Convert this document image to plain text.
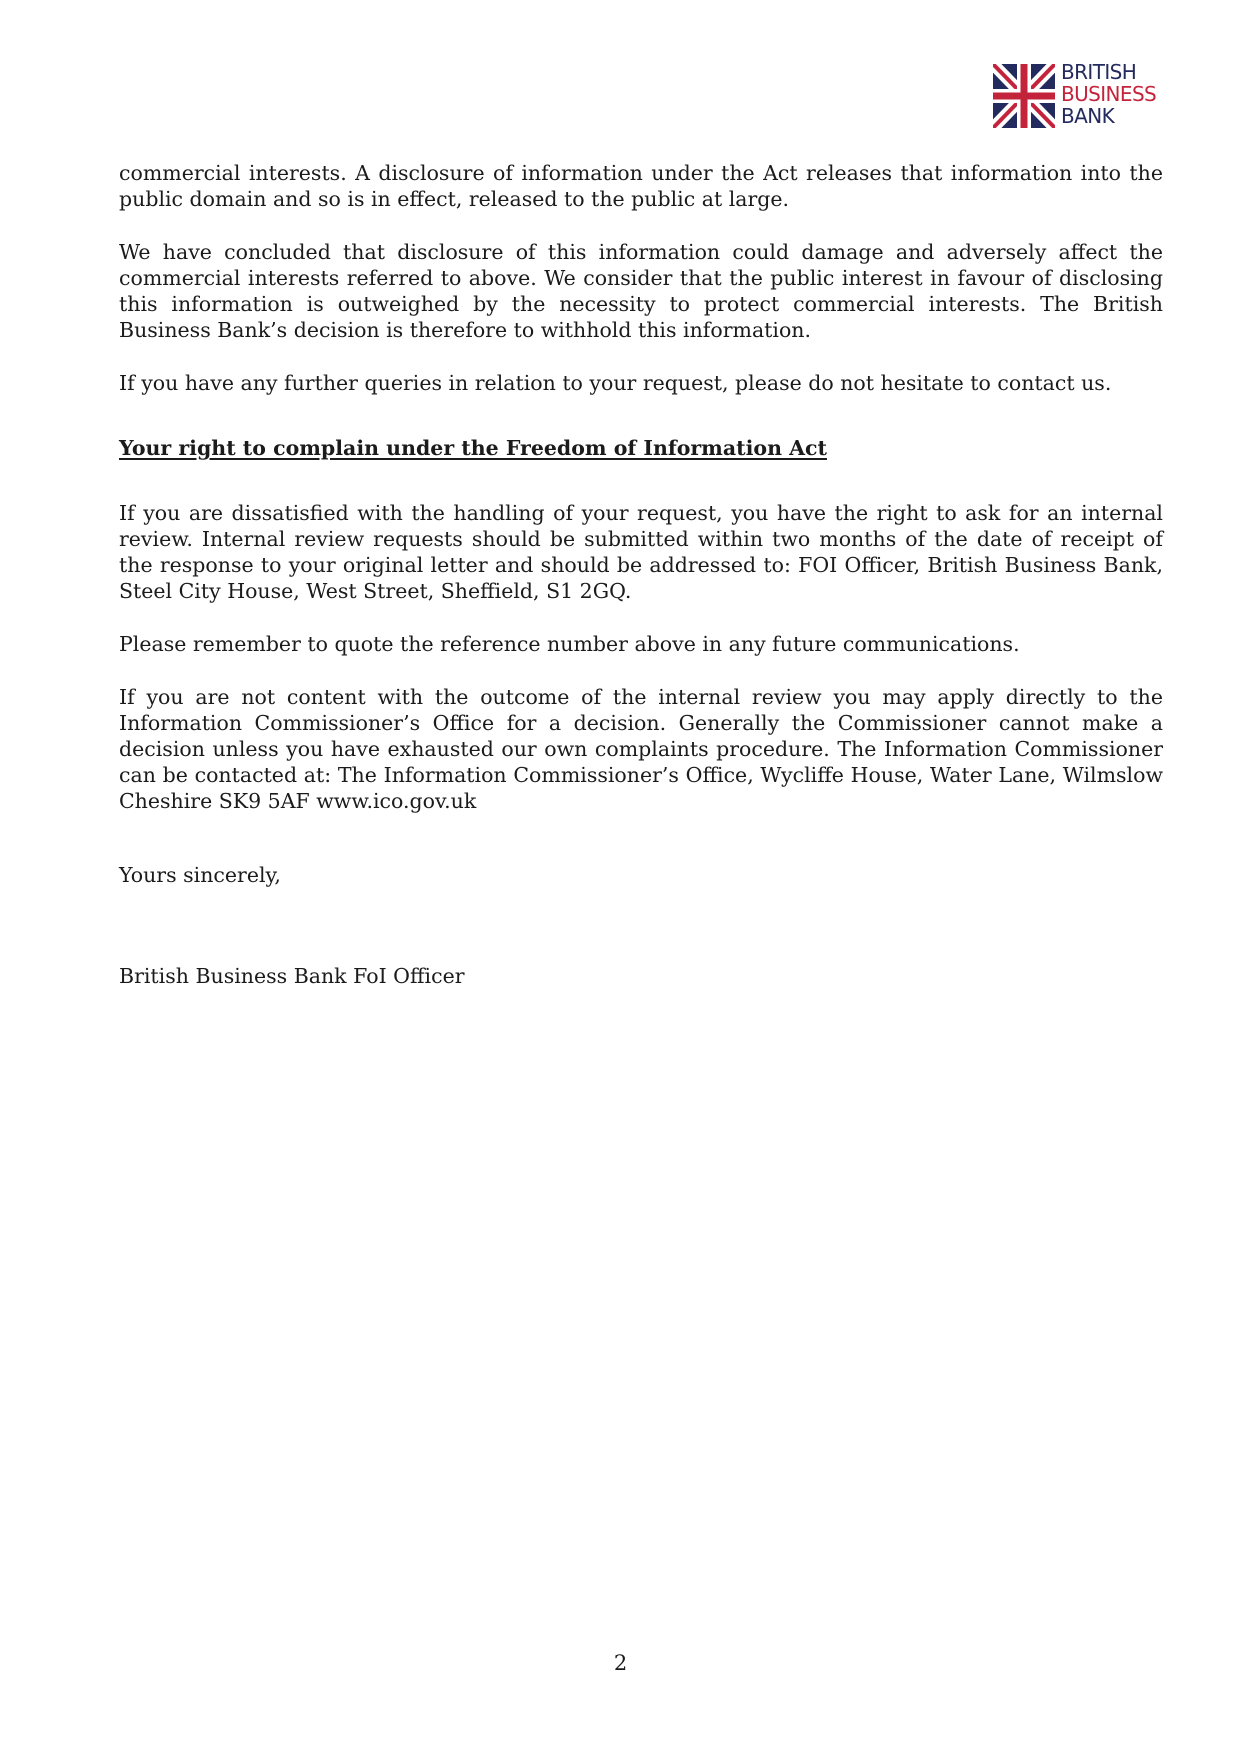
BRITISH
BUSINESS
BANK

commercial interests. A disclosure of information under the Act releases that information into the public domain and so is in effect, released to the public at large.

We have concluded that disclosure of this information could damage and adversely affect the commercial interests referred to above. We consider that the public interest in favour of disclosing this information is outweighed by the necessity to protect commercial interests. The British Business Bank’s decision is therefore to withhold this information.

If you have any further queries in relation to your request, please do not hesitate to contact us.

Your right to complain under the Freedom of Information Act

If you are dissatisfied with the handling of your request, you have the right to ask for an internal review. Internal review requests should be submitted within two months of the date of receipt of the response to your original letter and should be addressed to: FOI Officer, British Business Bank, Steel City House, West Street, Sheffield, S1 2GQ.

Please remember to quote the reference number above in any future communications.

If you are not content with the outcome of the internal review you may apply directly to the Information Commissioner’s Office for a decision. Generally the Commissioner cannot make a decision unless you have exhausted our own complaints procedure. The Information Commissioner can be contacted at: The Information Commissioner’s Office, Wycliffe House, Water Lane, Wilmslow Cheshire SK9 5AF www.ico.gov.uk

Yours sincerely,

British Business Bank FoI Officer

2
